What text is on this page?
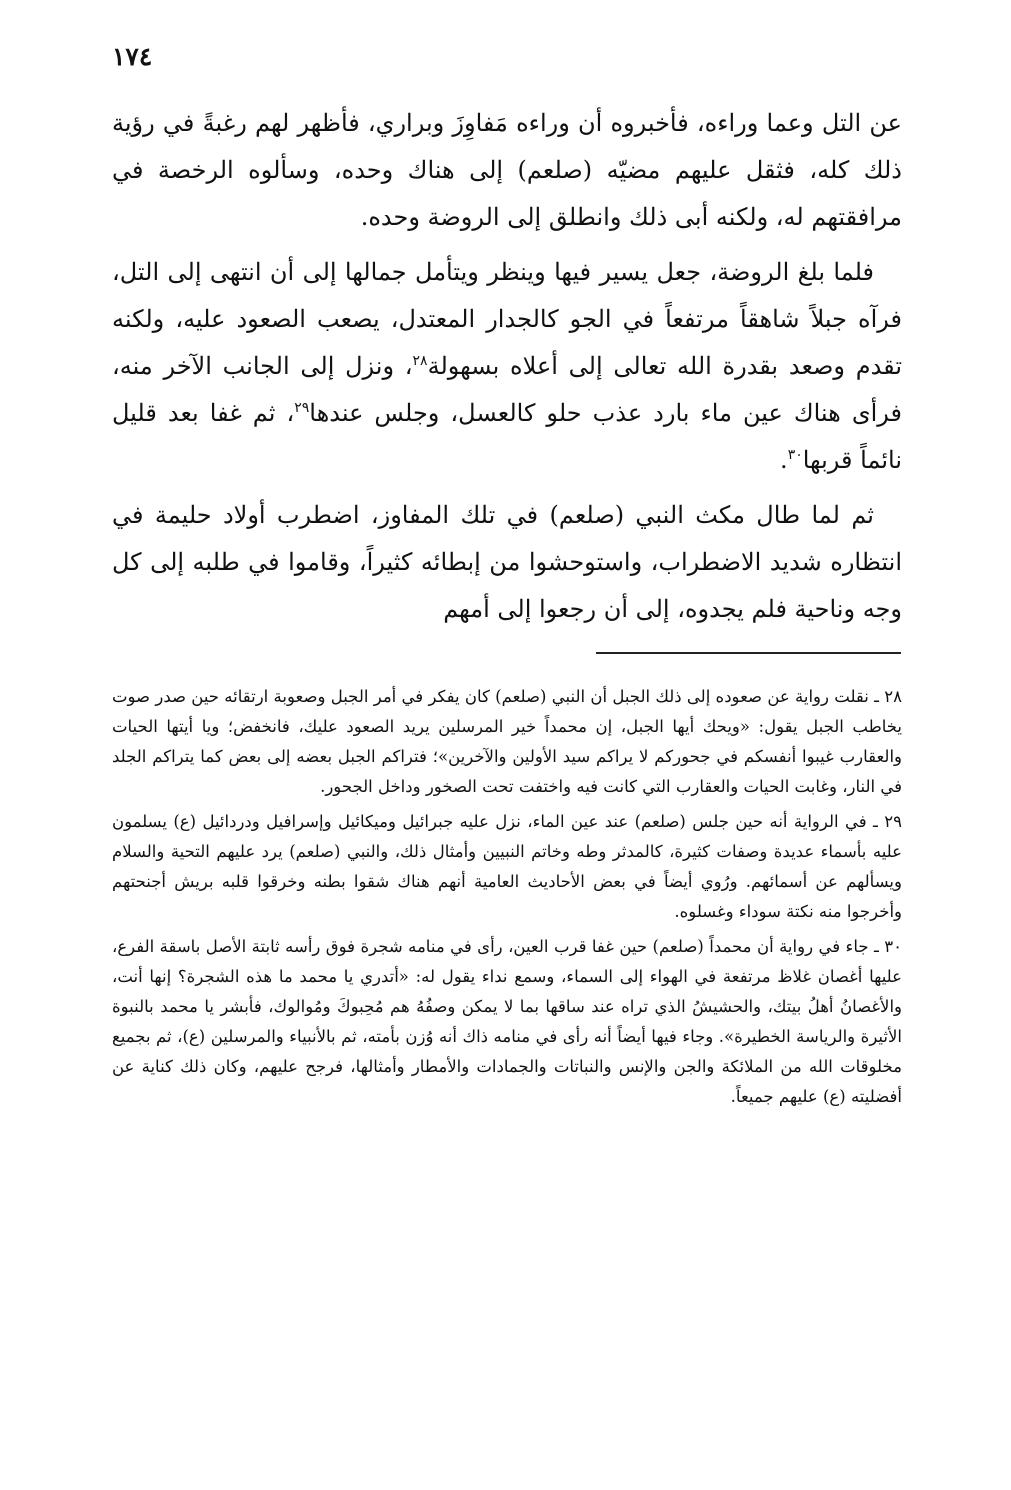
١٧٤

عن التل وعما وراءه، فأخبروه أن وراءه مَفاوِزَ وبراري، فأظهر لهم رغبةً في رؤية ذلك كله، فثقل عليهم مضيّه (صلعم) إلى هناك وحده، وسألوه الرخصة في مرافقتهم له، ولكنه أبى ذلك وانطلق إلى الروضة وحده.

فلما بلغ الروضة، جعل يسير فيها وينظر ويتأمل جمالها إلى أن انتهى إلى التل، فرآه جبلاً شاهقاً مرتفعاً في الجو كالجدار المعتدل، يصعب الصعود عليه، ولكنه تقدم وصعد بقدرة الله تعالى إلى أعلاه بسهولة$^{٢٨}$، ونزل إلى الجانب الآخر منه، فرأى هناك عين ماء بارد عذب حلو كالعسل، وجلس عندها$^{٢٩}$، ثم غفا بعد قليل نائماً قربها$^{٣٠}$.

ثم لما طال مكث النبي (صلعم) في تلك المفاوز، اضطرب أولاد حليمة في انتظاره شديد الاضطراب، واستوحشوا من إبطائه كثيراً، وقاموا في طلبه إلى كل وجه وناحية فلم يجدوه، إلى أن رجعوا إلى أمهم

٢٨ ـ نقلت رواية عن صعوده إلى ذلك الجبل أن النبي (صلعم) كان يفكر في أمر الجبل وصعوبة ارتقائه حين صدر صوت يخاطب الجبل يقول: «ويحك أيها الجبل، إن محمداً خير المرسلين يريد الصعود عليك، فانخفض؛ ويا أيتها الحيات والعقارب غيبوا أنفسكم في جحوركم لا يراكم سيد الأولين والآخرين»؛ فتراكم الجبل بعضه إلى بعض كما يتراكم الجلد في النار، وغابت الحيات والعقارب التي كانت فيه واختفت تحت الصخور وداخل الجحور.

٢٩ ـ في الرواية أنه حين جلس (صلعم) عند عين الماء، نزل عليه جبرائيل وميكائيل وإسرافيل ودردائيل (ع) يسلمون عليه بأسماء عديدة وصفات كثيرة، كالمدثر وطه وخاتم النبيين وأمثال ذلك، والنبي (صلعم) يرد عليهم التحية والسلام ويسألهم عن أسمائهم. ورُوي أيضاً في بعض الأحاديث العامية أنهم هناك شقوا بطنه وخرقوا قلبه بريش أجنحتهم وأخرجوا منه نكتة سوداء وغسلوه.

٣٠ ـ جاء في رواية أن محمداً (صلعم) حين غفا قرب العين، رأى في منامه شجرة فوق رأسه ثابتة الأصل باسقة الفرع، عليها أغصان غلاظ مرتفعة في الهواء إلى السماء، وسمع نداء يقول له: «أتدري يا محمد ما هذه الشجرة؟ إنها أنت، والأغصانُ أهلُ بيتك، والحشيشُ الذي تراه عند ساقها بما لا يمكن وصفُهُ هم مُحِبوكَ ومُوالوك، فأبشر يا محمد بالنبوة الأثيرة والرياسة الخطيرة». وجاء فيها أيضاً أنه رأى في منامه ذاك أنه وُزن بأمته، ثم بالأنبياء والمرسلين (ع)، ثم بجميع مخلوقات الله من الملائكة والجن والإنس والنباتات والجمادات والأمطار وأمثالها، فرجح عليهم، وكان ذلك كناية عن أفضليته (ع) عليهم جميعاً.
